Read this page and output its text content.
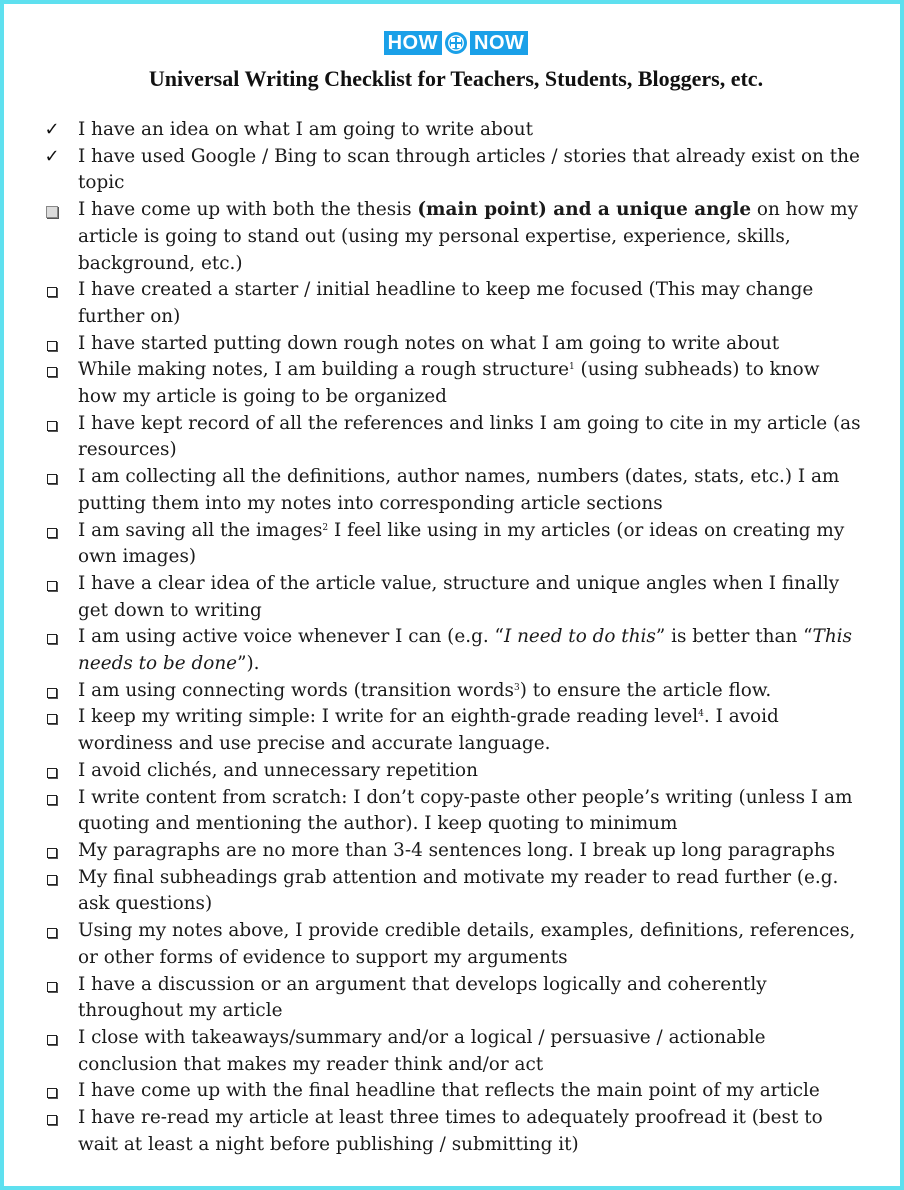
HOW NOW
Universal Writing Checklist for Teachers, Students, Bloggers, etc.
✓ I have an idea on what I am going to write about
✓ I have used Google / Bing to scan through articles / stories that already exist on the topic
I have come up with both the thesis (main point) and a unique angle on how my article is going to stand out (using my personal expertise, experience, skills, background, etc.)
I have created a starter / initial headline to keep me focused (This may change further on)
I have started putting down rough notes on what I am going to write about
While making notes, I am building a rough structure$^1$ (using subheads) to know how my article is going to be organized
I have kept record of all the references and links I am going to cite in my article (as resources)
I am collecting all the definitions, author names, numbers (dates, stats, etc.) I am putting them into my notes into corresponding article sections
I am saving all the images$^2$ I feel like using in my articles (or ideas on creating my own images)
I have a clear idea of the article value, structure and unique angles when I finally get down to writing
I am using active voice whenever I can (e.g. “I need to do this” is better than “This needs to be done”).
I am using connecting words (transition words$^3$) to ensure the article flow.
I keep my writing simple: I write for an eighth-grade reading level$^4$. I avoid wordiness and use precise and accurate language.
I avoid clichés, and unnecessary repetition
I write content from scratch: I don’t copy-paste other people’s writing (unless I am quoting and mentioning the author). I keep quoting to minimum
My paragraphs are no more than 3-4 sentences long. I break up long paragraphs
My final subheadings grab attention and motivate my reader to read further (e.g. ask questions)
Using my notes above, I provide credible details, examples, definitions, references, or other forms of evidence to support my arguments
I have a discussion or an argument that develops logically and coherently throughout my article
I close with takeaways/summary and/or a logical / persuasive / actionable conclusion that makes my reader think and/or act
I have come up with the final headline that reflects the main point of my article
I have re-read my article at least three times to adequately proofread it (best to wait at least a night before publishing / submitting it)
